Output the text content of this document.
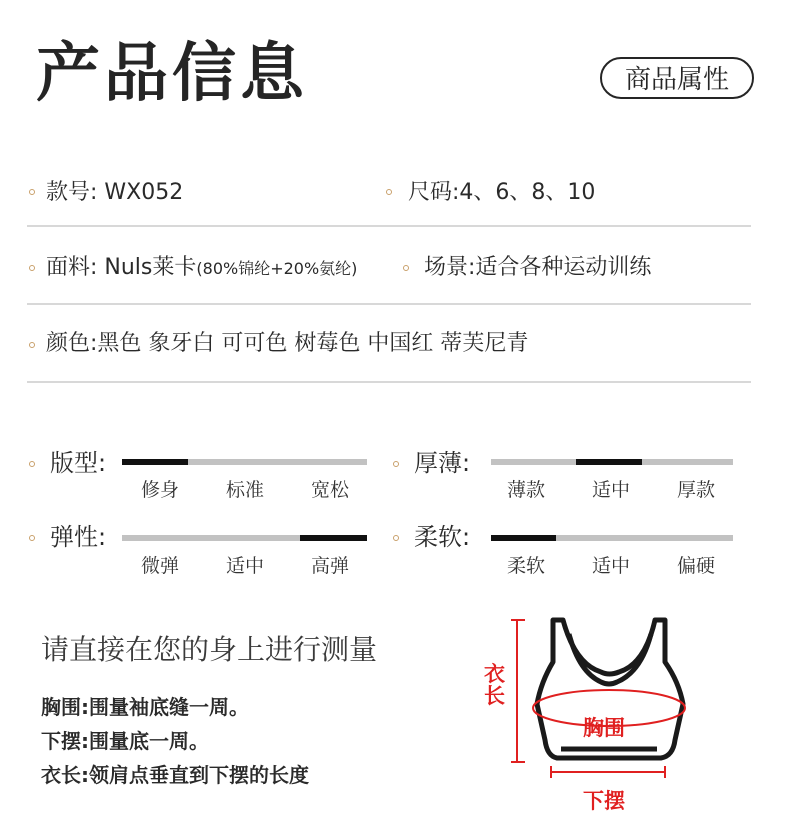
产品信息	商品属性
款号: WX052	尺码:4、6、8、10
面料: Nuls莱卡(80%锦纶+20%氨纶)	场景:适合各种运动训练
颜色:黑色 象牙白 可可色 树莓色 中国红 蒂芙尼青
版型:
修身	标准	宽松
厚薄:
薄款	适中	厚款
弹性:
微弹	适中	高弹
柔软:
柔软	适中	偏硬
请直接在您的身上进行测量
胸围:围量袖底缝一周。
下摆:围量底一周。
衣长:领肩点垂直到下摆的长度
衣长
胸围
下摆
